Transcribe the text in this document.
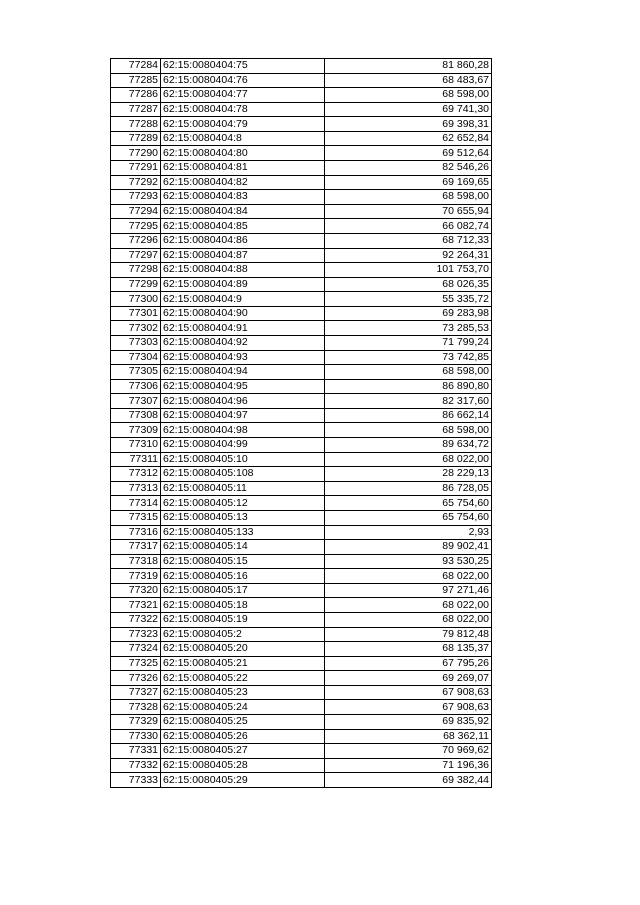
77284	62:15:0080404:75	81 860,28
77285	62:15:0080404:76	68 483,67
77286	62:15:0080404:77	68 598,00
77287	62:15:0080404:78	69 741,30
77288	62:15:0080404:79	69 398,31
77289	62:15:0080404:8	62 652,84
77290	62:15:0080404:80	69 512,64
77291	62:15:0080404:81	82 546,26
77292	62:15:0080404:82	69 169,65
77293	62:15:0080404:83	68 598,00
77294	62:15:0080404:84	70 655,94
77295	62:15:0080404:85	66 082,74
77296	62:15:0080404:86	68 712,33
77297	62:15:0080404:87	92 264,31
77298	62:15:0080404:88	101 753,70
77299	62:15:0080404:89	68 026,35
77300	62:15:0080404:9	55 335,72
77301	62:15:0080404:90	69 283,98
77302	62:15:0080404:91	73 285,53
77303	62:15:0080404:92	71 799,24
77304	62:15:0080404:93	73 742,85
77305	62:15:0080404:94	68 598,00
77306	62:15:0080404:95	86 890,80
77307	62:15:0080404:96	82 317,60
77308	62:15:0080404:97	86 662,14
77309	62:15:0080404:98	68 598,00
77310	62:15:0080404:99	89 634,72
77311	62:15:0080405:10	68 022,00
77312	62:15:0080405:108	28 229,13
77313	62:15:0080405:11	86 728,05
77314	62:15:0080405:12	65 754,60
77315	62:15:0080405:13	65 754,60
77316	62:15:0080405:133	2,93
77317	62:15:0080405:14	89 902,41
77318	62:15:0080405:15	93 530,25
77319	62:15:0080405:16	68 022,00
77320	62:15:0080405:17	97 271,46
77321	62:15:0080405:18	68 022,00
77322	62:15:0080405:19	68 022,00
77323	62:15:0080405:2	79 812,48
77324	62:15:0080405:20	68 135,37
77325	62:15:0080405:21	67 795,26
77326	62:15:0080405:22	69 269,07
77327	62:15:0080405:23	67 908,63
77328	62:15:0080405:24	67 908,63
77329	62:15:0080405:25	69 835,92
77330	62:15:0080405:26	68 362,11
77331	62:15:0080405:27	70 969,62
77332	62:15:0080405:28	71 196,36
77333	62:15:0080405:29	69 382,44
